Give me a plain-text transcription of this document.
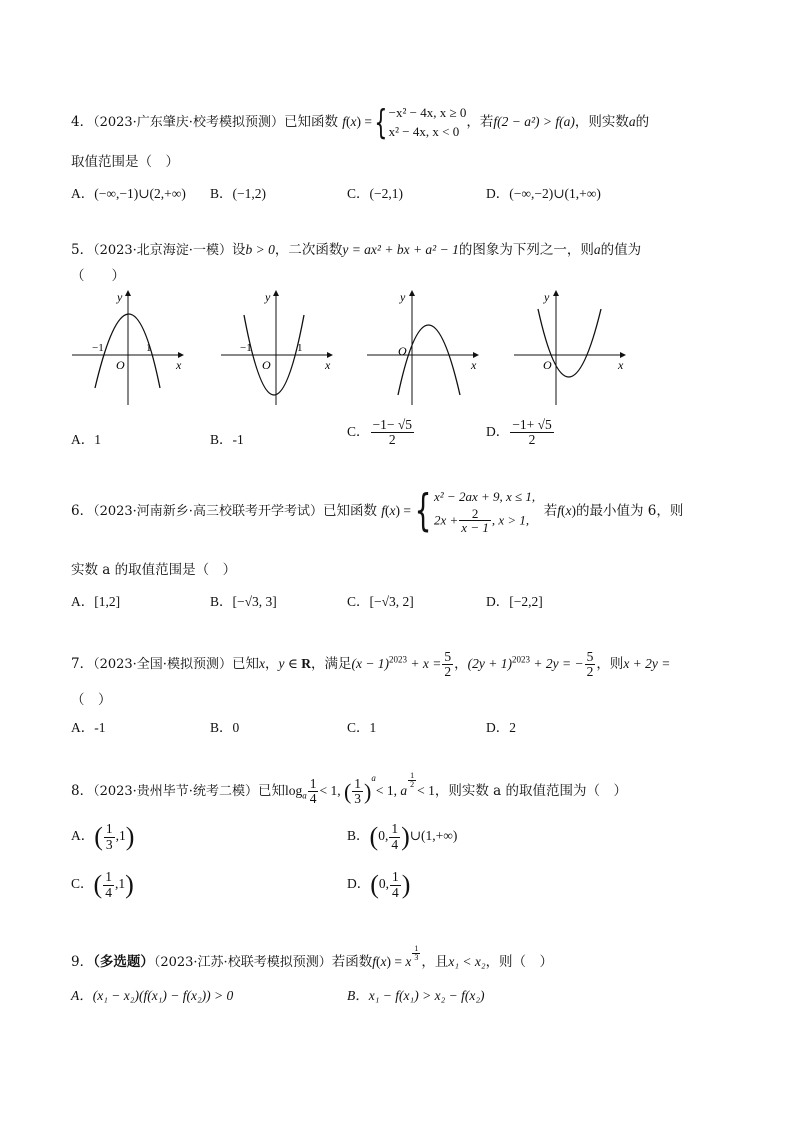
4．（2023·广东肇庆·校考模拟预测）已知函数 f(x) ={−x² − 4x, x ≥ 0
x² − 4x, x < 0，若f(2 − a²) > f(a)，则实数a的
取值范围是（　）
A．(−∞,−1)∪(2,+∞) B．(−1,2)	C．(−2,1)	D．(−∞,−2)∪(1,+∞)
5．（2023·北京海淀·一模）设b > 0，二次函数y = ax² + bx + a² − 1的图象为下列之一，则a的值为
（　　）
y
x
O
−1	1
y
x
O
−1	1
y
x
O
y
x
O
A．1	B．-1
C． $\frac{-1- √5}{2}$	D． $\frac{-1+ √5}{2}$
6．（2023·河南新乡·高三校联考开学考试）已知函数 f(x) ={ x² − 2ax + 9, x ≤ 1,
$2x + \frac{2}{x - 1}$ , x > 1,  若f(x)的最小值为 6，则
实数 a 的取值范围是（　）
A．[1,2]	B．[−√3, 3]	C．[−√3, 2]	D．[−2,2]
7．（2023·全国·模拟预测）已知x，y ∈ R，满足$(x - 1)^{2023} + x = \frac{5}{2}$ ，$(2y + 1)^{2023} + 2y$ = − $\frac{5}{2}$ ，则x + 2y =
（　）
A．-1	B．0	C．1	D．2
8．（2023·贵州毕节·统考二模）已知$\log_a \frac{1}{4} < 1$, ( $\frac{1}{3} )^a< 1$, a
$^{\frac{1}{2}}$
< 1，则实数 a 的取值范围为（　）
A．( $\frac{1}{3} ,1$)	B．(0, $\frac{1}{4}$ )∪(1,+∞)
C．( $\frac{1}{4} ,1$)	D．(0, $\frac{1}{4}$ )
9．（多选题）（2023·江苏·校联考模拟预测）若函数f(x) = x $^{\frac{1}{3}}$ ，且x₁ < x₂，则（　）
A．(x₁ − x₂)(f(x₁) − f(x₂)) > 0	B．x₁ − f(x₁) > x₂ − f(x₂)
